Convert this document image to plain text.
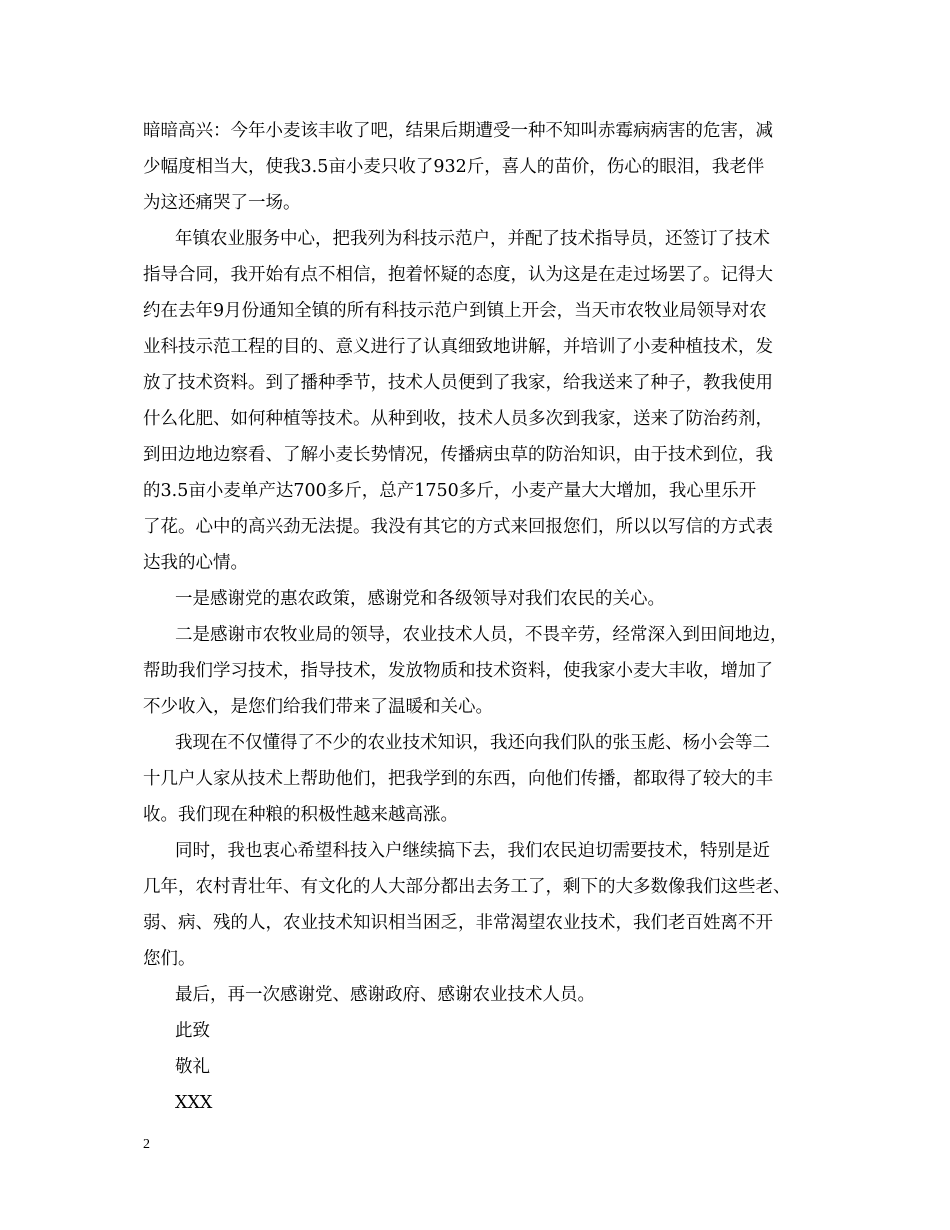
暗暗高兴：今年小麦该丰收了吧，结果后期遭受一种不知叫赤霉病病害的危害，减
少幅度相当大，使我3.5亩小麦只收了932斤，喜人的苗价，伤心的眼泪，我老伴
为这还痛哭了一场。
年镇农业服务中心，把我列为科技示范户，并配了技术指导员，还签订了技术
指导合同，我开始有点不相信，抱着怀疑的态度，认为这是在走过场罢了。记得大
约在去年9月份通知全镇的所有科技示范户到镇上开会，当天市农牧业局领导对农
业科技示范工程的目的、意义进行了认真细致地讲解，并培训了小麦种植技术，发
放了技术资料。到了播种季节，技术人员便到了我家，给我送来了种子，教我使用
什么化肥、如何种植等技术。从种到收，技术人员多次到我家，送来了防治药剂，
到田边地边察看、了解小麦长势情况，传播病虫草的防治知识，由于技术到位，我
的3.5亩小麦单产达700多斤，总产1750多斤，小麦产量大大增加，我心里乐开
了花。心中的高兴劲无法提。我没有其它的方式来回报您们，所以以写信的方式表
达我的心情。
一是感谢党的惠农政策，感谢党和各级领导对我们农民的关心。
二是感谢市农牧业局的领导，农业技术人员，不畏辛劳，经常深入到田间地边，
帮助我们学习技术，指导技术，发放物质和技术资料，使我家小麦大丰收，增加了
不少收入，是您们给我们带来了温暖和关心。
我现在不仅懂得了不少的农业技术知识，我还向我们队的张玉彪、杨小会等二
十几户人家从技术上帮助他们，把我学到的东西，向他们传播，都取得了较大的丰
收。我们现在种粮的积极性越来越高涨。
同时，我也衷心希望科技入户继续搞下去，我们农民迫切需要技术，特别是近
几年，农村青壮年、有文化的人大部分都出去务工了，剩下的大多数像我们这些老、
弱、病、残的人，农业技术知识相当困乏，非常渴望农业技术，我们老百姓离不开
您们。
最后，再一次感谢党、感谢政府、感谢农业技术人员。
此致
敬礼
XXX
2
